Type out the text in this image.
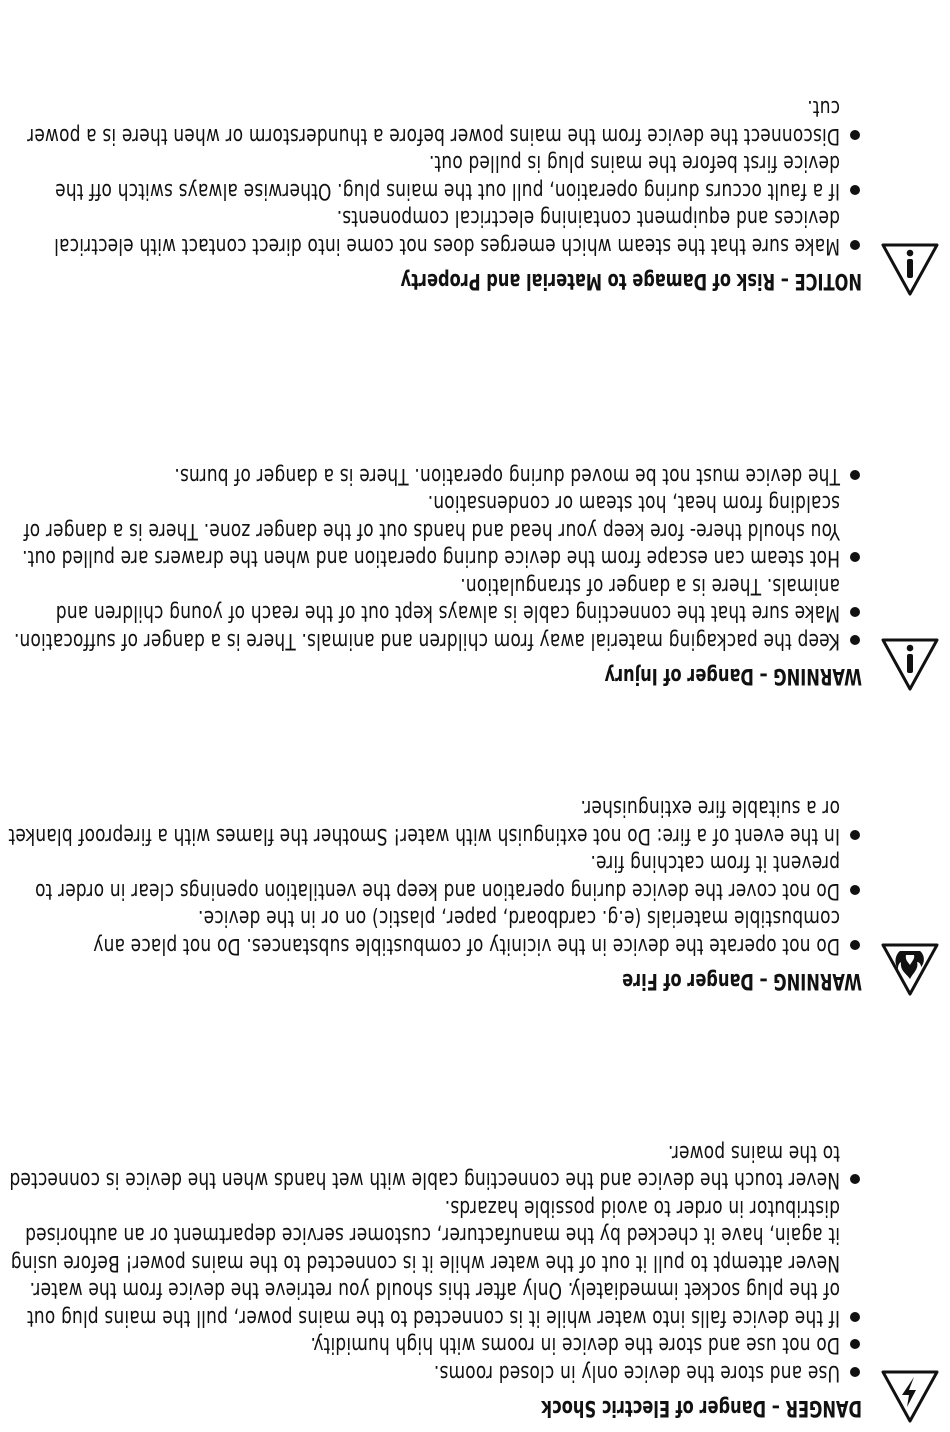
DANGER – Danger of Electric Shock
Use and store the device only in closed rooms.
Do not use and store the device in rooms with high humidity.
If the device falls into water while it is connected to the mains power, pull the mains plug out of the plug socket immediately. Only after this should you retrieve the device from the water. Never attempt to pull it out of the water while it is connected to the mains power! Before using it again, have it checked by the manufacturer, customer service department or an authorised distributor in order to avoid possible hazards.
Never touch the device and the connecting cable with wet hands when the device is connected to the mains power.
WARNING – Danger of Fire
Do not operate the device in the vicinity of combustible substances. Do not place any combustible materials (e.g. cardboard, paper, plastic) on or in the device.
Do not cover the device during operation and keep the ventilation openings clear in order to prevent it from catching fire.
In the event of a fire: Do not extinguish with water! Smother the flames with a fireproof blanket or a suitable fire extinguisher.
WARNING – Danger of Injury
Keep the packaging material away from children and animals. There is a danger of suffocation.
Make sure that the connecting cable is always kept out of the reach of young children and animals. There is a danger of strangulation.
Hot steam can escape from the device during operation and when the drawers are pulled out. You should there- fore keep your head and hands out of the danger zone. There is a danger of scalding from heat, hot steam or condensation.
The device must not be moved during operation. There is a danger of burns.
NOTICE – Risk of Damage to Material and Property
Make sure that the steam which emerges does not come into direct contact with electrical devices and equipment containing electrical components.
If a fault occurs during operation, pull out the mains plug. Otherwise always switch off the device first before the mains plug is pulled out.
Disconnect the device from the mains power before a thunderstorm or when there is a power cut.
